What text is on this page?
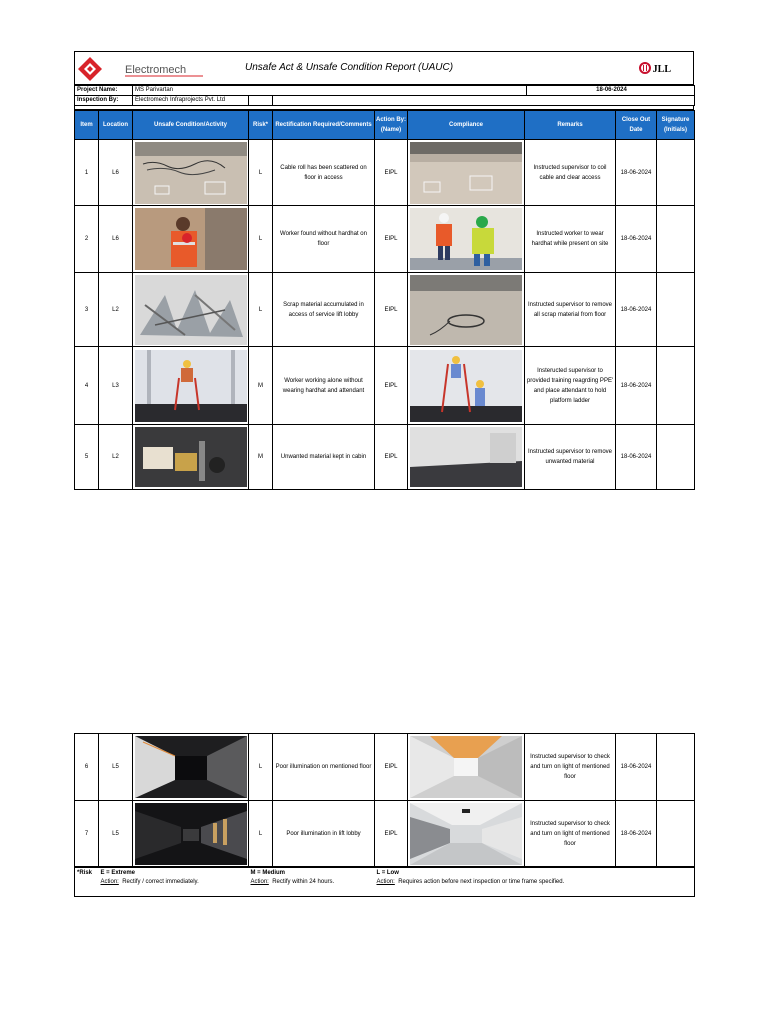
Electromech	Unsafe Act & Unsafe Condition Report (UAUC)	JLL
Project Name:	MS Parivartan			18-06-2024
Inspection By:	Electromech Infraprojects Pvt. Ltd			
Item	Location	Unsafe Condition/Activity	Risk*	Rectification Required/Comments	Action By: (Name)	Compliance	Remarks	Close Out Date	Signature (Initials)
1	L6		L	Cable roll has been scattered on floor in access	EIPL		Instructed supervisor to coil cable and clear access	18-06-2024	
2	L6		L	Worker found without hardhat on floor	EIPL		Instructed worker to wear hardhat while present on site	18-06-2024	
3	L2		L	Scrap material accumulated in access of service lift lobby	EIPL		Instructed supervisor to remove all scrap material from floor	18-06-2024	
4	L3		M	Worker working alone without wearing hardhat and attendant	EIPL		Insteructed supervisor to provided training reagrding PPE' and place attendant to hold platform ladder	18-06-2024	
5	L2		M	Unwanted material kept in cabin	EIPL		Instructed supervisor to remove unwanted material	18-06-2024	
6	L5		L	Poor illumination on mentioned floor	EIPL		Instructed supervisor to check and turn on light of mentioned floor	18-06-2024	
7	L5		L	Poor illumination in lift lobby	EIPL		Instructed supervisor to check and turn on light of mentioned floor	18-06-2024	
*Risk	E = Extreme
Action: Rectify / correct immediately.	M = Medium
Action: Rectify within 24 hours.	L = Low
Action: Requires action before next inspection or time frame specified.
